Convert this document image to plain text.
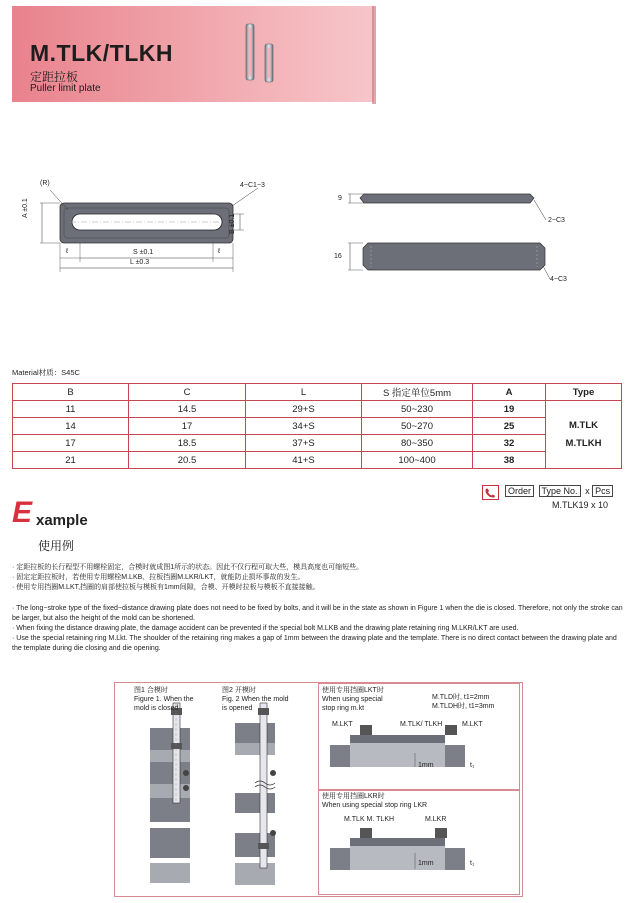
M.TLK/TLKH
定距拉板
Puller limit plate
(R)	4−C1−3
A ±0.1
B ±0.1
S ±0.1
L ±0.3
ℓ	ℓ
9
2−C3
16
4−C3
Material材质：S45C
B	C	L	S 指定单位5mm	A	Type
11	14.5	29+S	50~230	19	M.TLK
M.TLKH

14	17	34+S	50~270	25	
17	18.5	37+S	80~350	32	
21	20.5	41+S	100~400	38	
Order Type No. x Pcs
M.TLK19 x 10
E xample
使用例

· 定距拉板的长行程型不用螺栓固定，合模时就成图1所示的状态。因此不仅行程可取大些，模具高度也可缩短些。

· 固定定距拉板时，若使用专用螺栓M.LKB、拉板挡圈M.LKR/LKT，就能防止损坏事故的发生。

· 使用专用挡圈M.LKT,挡圈的肩部使拉板与模板有1mm间隙，合模、开模时拉板与模板不直接接触。

· The long−stroke type of the fixed−distance drawing plate does not need to be fixed by bolts, and it will be in the state as shown in Figure 1 when the die is closed. Therefore, not only the stroke can be larger, but also the height of the mold can be shortened.

· When fixing the distance drawing plate, the damage accident can be prevented if the special bolt M.LKB and the drawing plate retaining ring M.LKR/LKT are used.

· Use the special retaining ring M.Lkt. The shoulder of the retaining ring makes a gap of 1mm between the drawing plate and the template. There is no direct contact between the drawing plate and the template during die closing and die opening.

图1 合模时
Figure 1. When the
mold is closed
图2 开模时
Fig. 2 When the mold
is opened
使用专用挡圈LKT时
When using special
stop ring m.kt
M.TLD时, t1=2mm
M.TLDH时, t1=3mm
M.LKT	M.TLK/ TLKH	M.LKT
1mm	t₁
使用专用挡圈LKR时
When using special stop ring LKR
M.TLK M. TLKH	M.LKR
1mm	t₁
